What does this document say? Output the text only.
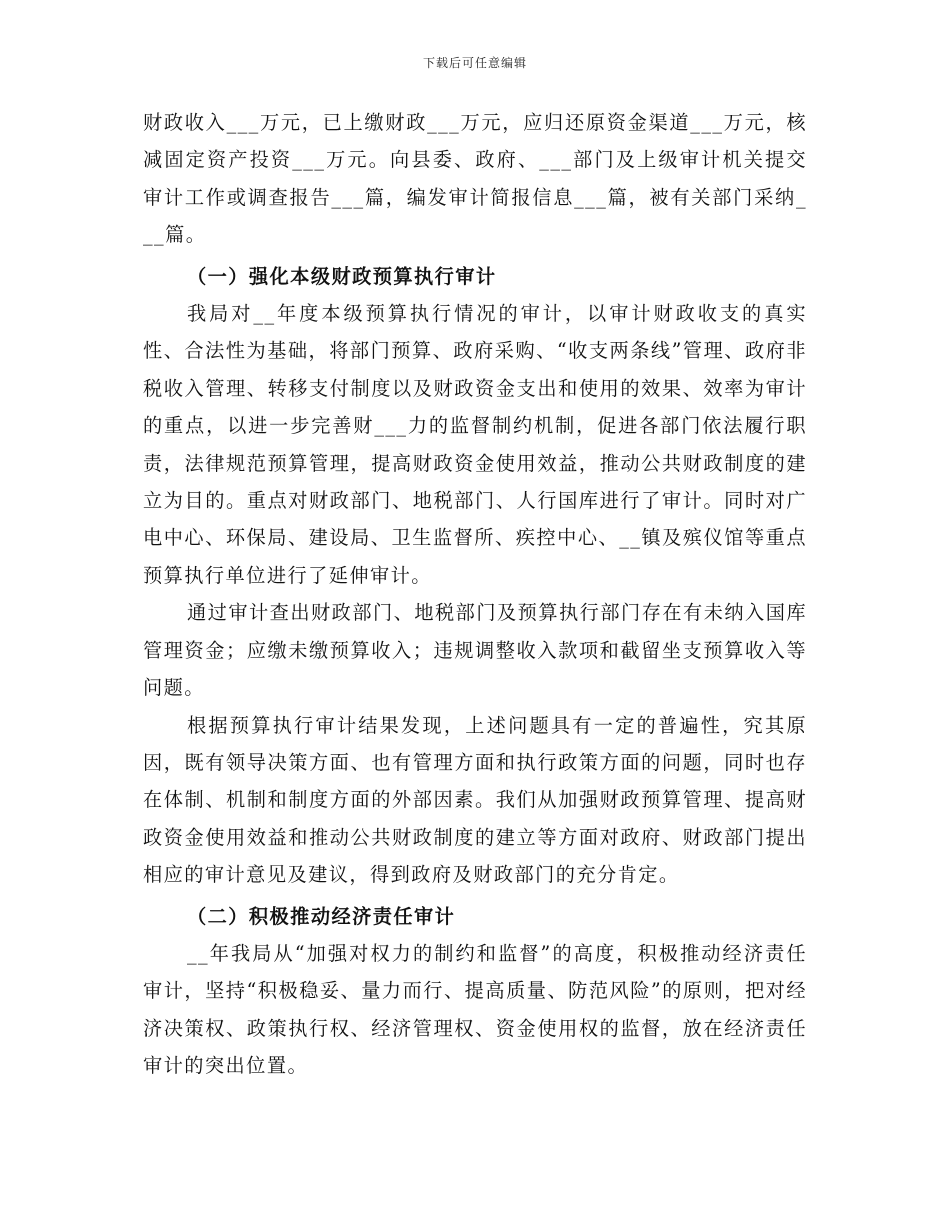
下载后可任意编辑

财政收入___万元，已上缴财政___万元，应归还原资金渠道___万元，核减固定资产投资___万元。向县委、政府、___部门及上级审计机关提交审计工作或调查报告___篇，编发审计简报信息___篇，被有关部门采纳___篇。

（一）强化本级财政预算执行审计

我局对__年度本级预算执行情况的审计，以审计财政收支的真实性、合法性为基础，将部门预算、政府采购、“收支两条线”管理、政府非税收入管理、转移支付制度以及财政资金支出和使用的效果、效率为审计的重点，以进一步完善财___力的监督制约机制，促进各部门依法履行职责，法律规范预算管理，提高财政资金使用效益，推动公共财政制度的建立为目的。重点对财政部门、地税部门、人行国库进行了审计。同时对广电中心、环保局、建设局、卫生监督所、疾控中心、__镇及殡仪馆等重点预算执行单位进行了延伸审计。

通过审计查出财政部门、地税部门及预算执行部门存在有未纳入国库管理资金；应缴未缴预算收入；违规调整收入款项和截留坐支预算收入等问题。

根据预算执行审计结果发现，上述问题具有一定的普遍性，究其原因，既有领导决策方面、也有管理方面和执行政策方面的问题，同时也存在体制、机制和制度方面的外部因素。我们从加强财政预算管理、提高财政资金使用效益和推动公共财政制度的建立等方面对政府、财政部门提出相应的审计意见及建议，得到政府及财政部门的充分肯定。

（二）积极推动经济责任审计

__年我局从“加强对权力的制约和监督”的高度，积极推动经济责任审计，坚持“积极稳妥、量力而行、提高质量、防范风险”的原则，把对经济决策权、政策执行权、经济管理权、资金使用权的监督，放在经济责任审计的突出位置。
